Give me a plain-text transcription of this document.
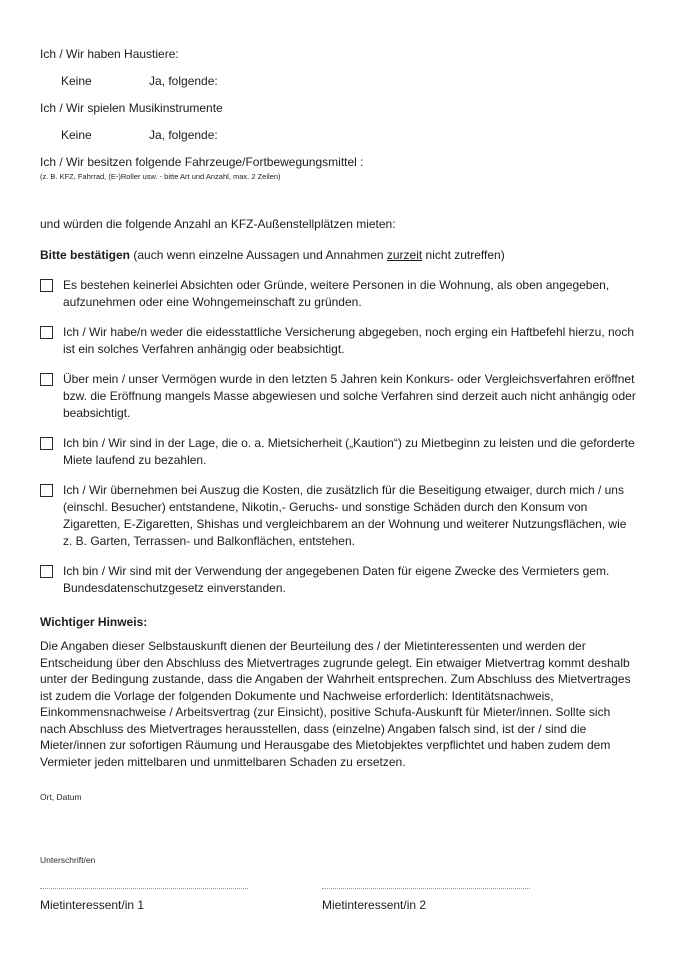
Ich / Wir haben Haustiere:
Keine	Ja, folgende:
Ich / Wir spielen Musikinstrumente
Keine	Ja, folgende:
Ich / Wir besitzen folgende Fahrzeuge/Fortbewegungsmittel :
(z. B. KFZ, Fahrrad, (E-)Roller usw. - bitte Art und Anzahl, max. 2 Zeilen)
und würden die folgende Anzahl an KFZ-Außenstellplätzen mieten:
Bitte bestätigen (auch wenn einzelne Aussagen und Annahmen zurzeit nicht zutreffen)
Es bestehen keinerlei Absichten oder Gründe, weitere Personen in die Wohnung, als oben angegeben, aufzunehmen oder eine Wohngemeinschaft zu gründen.
Ich / Wir habe/n weder die eidesstattliche Versicherung abgegeben, noch erging ein Haftbefehl hierzu, noch ist ein solches Verfahren anhängig oder beabsichtigt.
Über mein / unser Vermögen wurde in den letzten 5 Jahren kein Konkurs- oder Vergleichsverfahren eröffnet bzw. die Eröffnung mangels Masse abgewiesen und solche Verfahren sind derzeit auch nicht anhängig oder beabsichtigt.
Ich bin / Wir sind in der Lage, die o. a. Mietsicherheit („Kaution“) zu Mietbeginn zu leisten und die geforderte Miete laufend zu bezahlen.
Ich / Wir übernehmen bei Auszug die Kosten, die zusätzlich für die Beseitigung etwaiger, durch mich / uns (einschl. Besucher) entstandene, Nikotin,- Geruchs- und sonstige Schäden durch den Konsum von Zigaretten, E-Zigaretten, Shishas und vergleichbarem an der Wohnung und weiterer Nutzungsflächen, wie z. B. Garten, Terrassen- und Balkonflächen, entstehen.
Ich bin / Wir sind mit der Verwendung der angegebenen Daten für eigene Zwecke des Vermieters gem. Bundesdatenschutzgesetz einverstanden.
Wichtiger Hinweis:
Die Angaben dieser Selbstauskunft dienen der Beurteilung des / der Mietinteressenten und werden der Entscheidung über den Abschluss des Mietvertrages zugrunde gelegt. Ein etwaiger Mietvertrag kommt deshalb unter der Bedingung zustande, dass die Angaben der Wahrheit entsprechen. Zum Abschluss des Mietvertrages ist zudem die Vorlage der folgenden Dokumente und Nachweise erforderlich: Identitätsnachweis, Einkommensnachweise / Arbeitsvertrag (zur Einsicht), positive Schufa-Auskunft für Mieter/innen. Sollte sich nach Abschluss des Mietvertrages herausstellen, dass (einzelne) Angaben falsch sind, ist der / sind die Mieter/innen zur sofortigen Räumung und Herausgabe des Mietobjektes verpflichtet und haben zudem dem Vermieter jeden mittelbaren und unmittelbaren Schaden zu ersetzen.
Ort, Datum
Unterschrift/en
Mietinteressent/in 1	Mietinteressent/in 2
